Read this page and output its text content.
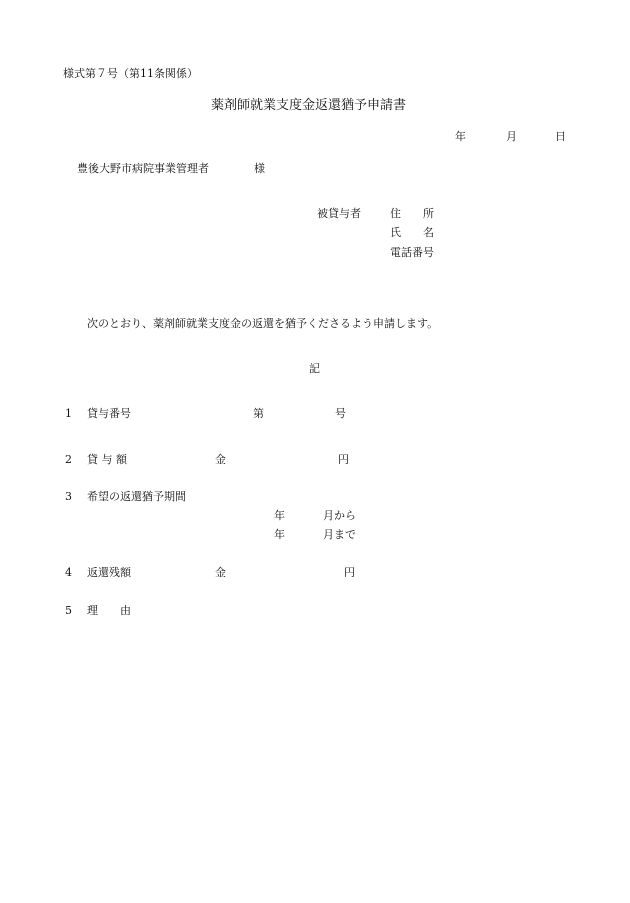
様式第７号（第11条関係）
薬剤師就業支度金返還猶予申請書
年	月	日
豊後大野市病院事業管理者	様
被貸与者	住　　所
氏　　名
電話番号
次のとおり、薬剤師就業支度金の返還を猶予くださるよう申請します。
記
1 貸与番号	第	号
2 貸 与 額	金	円
3 希望の返還猶予期間
年	月から
年	月まで
4 返還残額	金	円
5 理　　由
